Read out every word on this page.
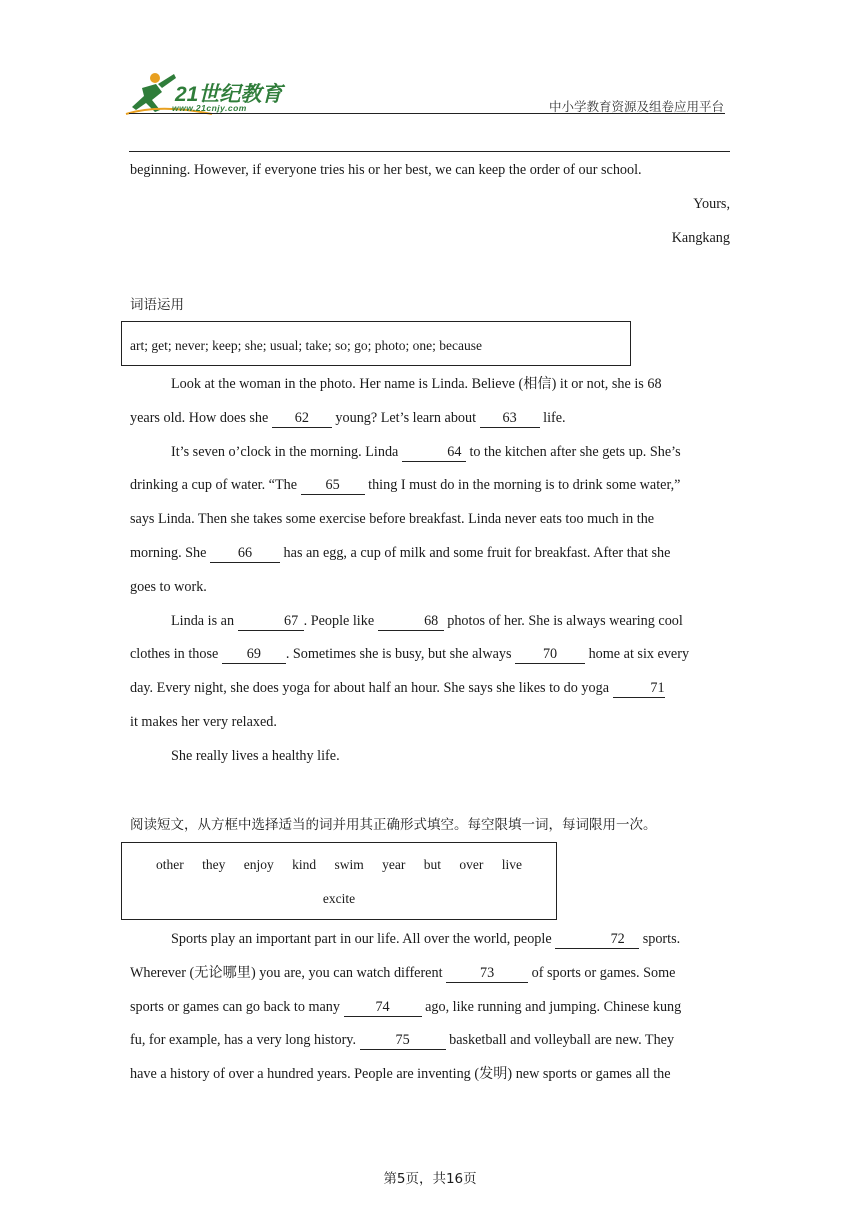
21世纪教育
www.21cnjy.com	中小学教育资源及组卷应用平台
beginning. However, if everyone tries his or her best, we can keep the order of our school.
Yours,
Kangkang
词语运用
art; get; never; keep; she; usual; take; so; go; photo; one; because

Look at the woman in the photo. Her name is Linda. Believe (相信) it or not, she is 68

years old. How does she 62 young? Let’s learn about 63 life.

It’s seven o’clock in the morning. Linda	64 to the kitchen after she gets up. She’s

drinking a cup of water. “The 65 thing I must do in the morning is to drink some water,”

says Linda. Then she takes some exercise before breakfast. Linda never eats too much in the

morning. She 66 has an egg, a cup of milk and some fruit for breakfast. After that she

goes to work.

Linda is an	67 . People like	68 photos of her. She is always wearing cool

clothes in those 69 . Sometimes she is busy, but she always 70 home at six every

day. Every night, she does yoga for about half an hour. She says she likes to do yoga	71

it makes her very relaxed.

She really lives a healthy life.

阅读短文，从方框中选择适当的词并用其正确形式填空。每空限填一词，每词限用一次。
other they enjoy kind swim year but over live
excite

Sports play an important part in our life. All over the world, people	72 sports.

Wherever (无论哪里) you are, you can watch different 73 of sports or games. Some

sports or games can go back to many 74 ago, like running and jumping. Chinese kung

fu, for example, has a very long history.	75	basketball and volleyball are new. They

have a history of over a hundred years. People are inventing (发明) new sports or games all the

第5页，共16页
